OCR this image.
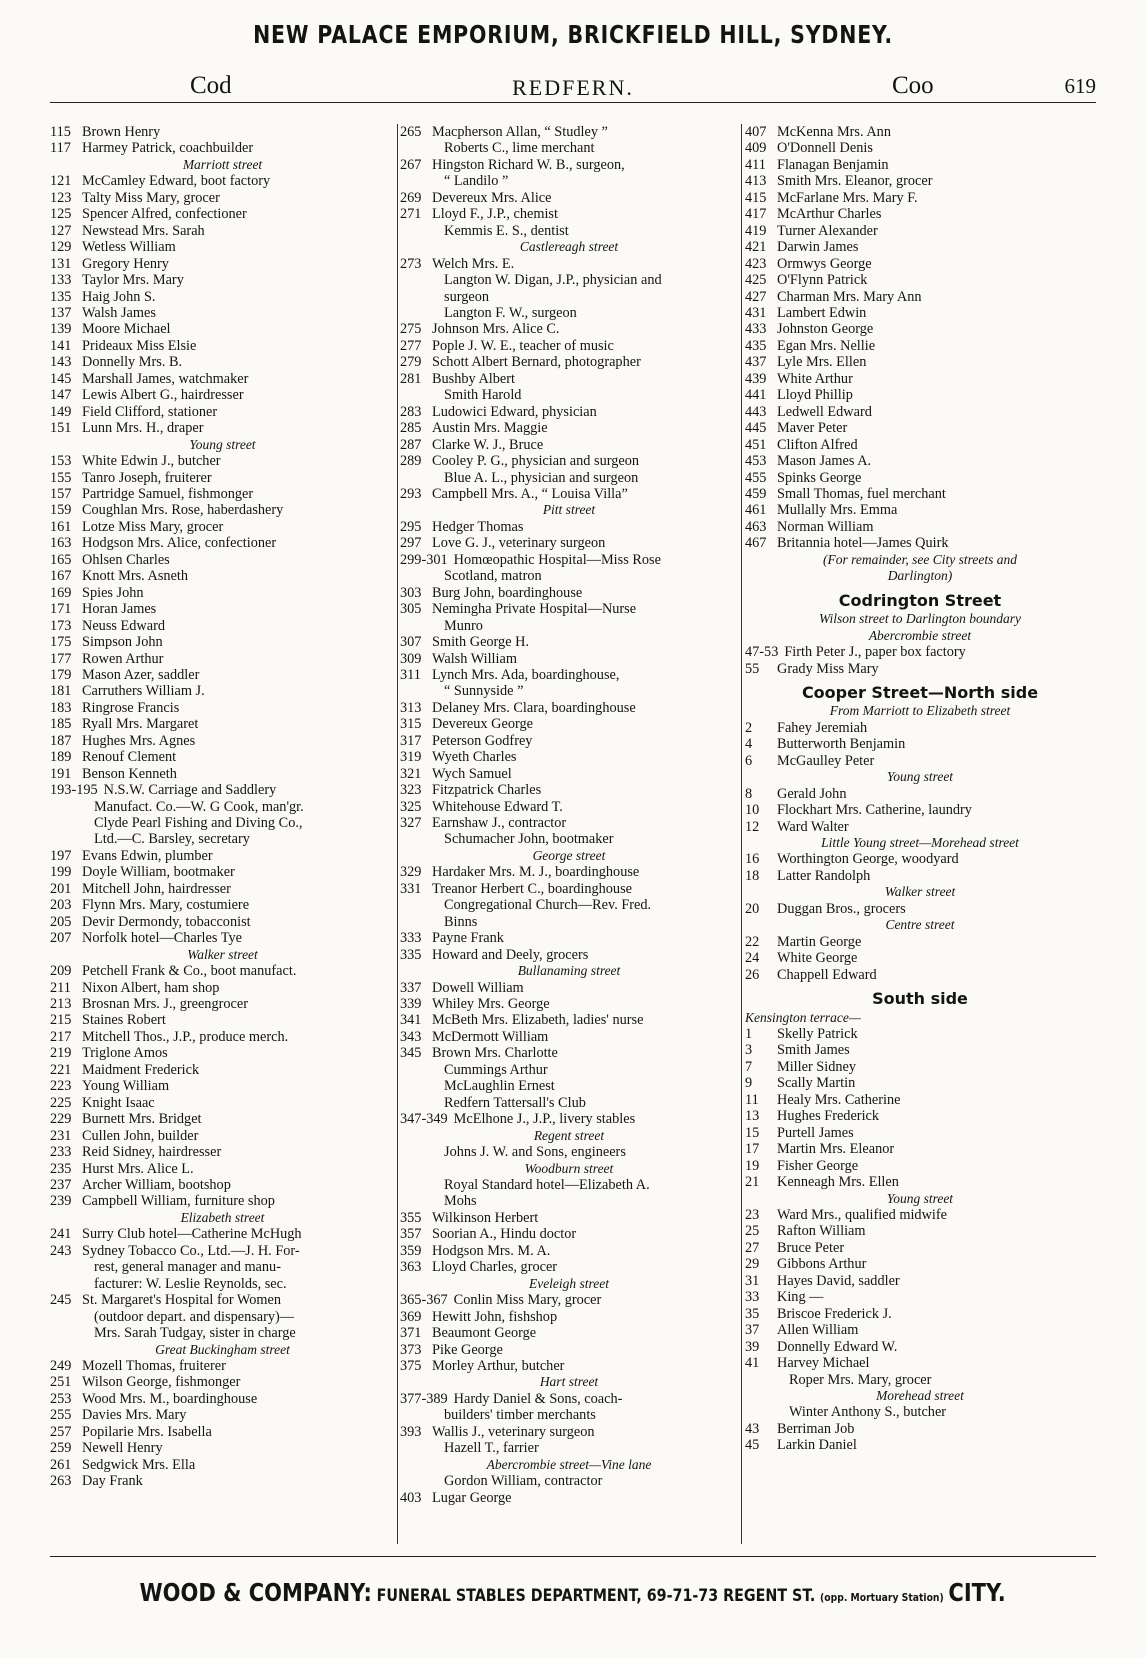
NEW PALACE EMPORIUM, BRICKFIELD HILL, SYDNEY.
Cod	REDFERN.	Coo	619
115 Brown Henry
117 Harmey Patrick, coachbuilder
Marriott street
121 McCamley Edward, boot factory
123 Talty Miss Mary, grocer
125 Spencer Alfred, confectioner
127 Newstead Mrs. Sarah
129 Wetless William
131 Gregory Henry
133 Taylor Mrs. Mary
135 Haig John S.
137 Walsh James
139 Moore Michael
141 Prideaux Miss Elsie
143 Donnelly Mrs. B.
145 Marshall James, watchmaker
147 Lewis Albert G., hairdresser
149 Field Clifford, stationer
151 Lunn Mrs. H., draper
Young street
153 White Edwin J., butcher
155 Tanro Joseph, fruiterer
157 Partridge Samuel, fishmonger
159 Coughlan Mrs. Rose, haberdashery
161 Lotze Miss Mary, grocer
163 Hodgson Mrs. Alice, confectioner
165 Ohlsen Charles
167 Knott Mrs. Asneth
169 Spies John
171 Horan James
173 Neuss Edward
175 Simpson John
177 Rowen Arthur
179 Mason Azer, saddler
181 Carruthers William J.
183 Ringrose Francis
185 Ryall Mrs. Margaret
187 Hughes Mrs. Agnes
189 Renouf Clement
191 Benson Kenneth
193-195 N.S.W. Carriage and Saddlery
Manufact. Co.—W. G Cook, man'gr.
Clyde Pearl Fishing and Diving Co.,
Ltd.—C. Barsley, secretary
197 Evans Edwin, plumber
199 Doyle William, bootmaker
201 Mitchell John, hairdresser
203 Flynn Mrs. Mary, costumiere
205 Devir Dermondy, tobacconist
207 Norfolk hotel—Charles Tye
Walker street
209 Petchell Frank & Co., boot manufact.
211 Nixon Albert, ham shop
213 Brosnan Mrs. J., greengrocer
215 Staines Robert
217 Mitchell Thos., J.P., produce merch.
219 Triglone Amos
221 Maidment Frederick
223 Young William
225 Knight Isaac
229 Burnett Mrs. Bridget
231 Cullen John, builder
233 Reid Sidney, hairdresser
235 Hurst Mrs. Alice L.
237 Archer William, bootshop
239 Campbell William, furniture shop
Elizabeth street
241 Surry Club hotel—Catherine McHugh
243 Sydney Tobacco Co., Ltd.—J. H. For-
rest, general manager and manu-
facturer: W. Leslie Reynolds, sec.
245 St. Margaret's Hospital for Women
(outdoor depart. and dispensary)—
Mrs. Sarah Tudgay, sister in charge
Great Buckingham street
249 Mozell Thomas, fruiterer
251 Wilson George, fishmonger
253 Wood Mrs. M., boardinghouse
255 Davies Mrs. Mary
257 Popilarie Mrs. Isabella
259 Newell Henry
261 Sedgwick Mrs. Ella
263 Day Frank
265 Macpherson Allan, “ Studley ”
Roberts C., lime merchant
267 Hingston Richard W. B., surgeon,
“ Landilo ”
269 Devereux Mrs. Alice
271 Lloyd F., J.P., chemist
Kemmis E. S., dentist
Castlereagh street
273 Welch Mrs. E.
Langton W. Digan, J.P., physician and
surgeon
Langton F. W., surgeon
275 Johnson Mrs. Alice C.
277 Pople J. W. E., teacher of music
279 Schott Albert Bernard, photographer
281 Bushby Albert
Smith Harold
283 Ludowici Edward, physician
285 Austin Mrs. Maggie
287 Clarke W. J., Bruce
289 Cooley P. G., physician and surgeon
Blue A. L., physician and surgeon
293 Campbell Mrs. A., “ Louisa Villa”
Pitt street
295 Hedger Thomas
297 Love G. J., veterinary surgeon
299-301 Homœopathic Hospital—Miss Rose
Scotland, matron
303 Burg John, boardinghouse
305 Nemingha Private Hospital—Nurse
Munro
307 Smith George H.
309 Walsh William
311 Lynch Mrs. Ada, boardinghouse,
“ Sunnyside ”
313 Delaney Mrs. Clara, boardinghouse
315 Devereux George
317 Peterson Godfrey
319 Wyeth Charles
321 Wych Samuel
323 Fitzpatrick Charles
325 Whitehouse Edward T.
327 Earnshaw J., contractor
Schumacher John, bootmaker
George street
329 Hardaker Mrs. M. J., boardinghouse
331 Treanor Herbert C., boardinghouse
Congregational Church—Rev. Fred.
Binns
333 Payne Frank
335 Howard and Deely, grocers
Bullanaming street
337 Dowell William
339 Whiley Mrs. George
341 McBeth Mrs. Elizabeth, ladies' nurse
343 McDermott William
345 Brown Mrs. Charlotte
Cummings Arthur
McLaughlin Ernest
Redfern Tattersall's Club
347-349 McElhone J., J.P., livery stables
Regent street
Johns J. W. and Sons, engineers
Woodburn street
Royal Standard hotel—Elizabeth A.
Mohs
355 Wilkinson Herbert
357 Soorian A., Hindu doctor
359 Hodgson Mrs. M. A.
363 Lloyd Charles, grocer
Eveleigh street
365-367 Conlin Miss Mary, grocer
369 Hewitt John, fishshop
371 Beaumont George
373 Pike George
375 Morley Arthur, butcher
Hart street
377-389 Hardy Daniel & Sons, coach-
builders' timber merchants
393 Wallis J., veterinary surgeon
Hazell T., farrier
Abercrombie street—Vine lane
Gordon William, contractor
403 Lugar George
407 McKenna Mrs. Ann
409 O'Donnell Denis
411 Flanagan Benjamin
413 Smith Mrs. Eleanor, grocer
415 McFarlane Mrs. Mary F.
417 McArthur Charles
419 Turner Alexander
421 Darwin James
423 Ormwys George
425 O'Flynn Patrick
427 Charman Mrs. Mary Ann
431 Lambert Edwin
433 Johnston George
435 Egan Mrs. Nellie
437 Lyle Mrs. Ellen
439 White Arthur
441 Lloyd Phillip
443 Ledwell Edward
445 Maver Peter
451 Clifton Alfred
453 Mason James A.
455 Spinks George
459 Small Thomas, fuel merchant
461 Mullally Mrs. Emma
463 Norman William
467 Britannia hotel—James Quirk
(For remainder, see City streets and
Darlington)
Codrington Street
Wilson street to Darlington boundary
Abercrombie street
47-53 Firth Peter J., paper box factory
55	Grady Miss Mary
Cooper Street—North side
From Marriott to Elizabeth street
2	Fahey Jeremiah
4	Butterworth Benjamin
6	McGaulley Peter
Young street
8	Gerald John
10	Flockhart Mrs. Catherine, laundry
12	Ward Walter
Little Young street—Morehead street
16	Worthington George, woodyard
18	Latter Randolph
Walker street
20	Duggan Bros., grocers
Centre street
22	Martin George
24	White George
26	Chappell Edward
South side
Kensington terrace—
1	Skelly Patrick
3	Smith James
7	Miller Sidney
9	Scally Martin
11	Healy Mrs. Catherine
13	Hughes Frederick
15	Purtell James
17	Martin Mrs. Eleanor
19	Fisher George
21	Kenneagh Mrs. Ellen
Young street
23	Ward Mrs., qualified midwife
25	Rafton William
27	Bruce Peter
29	Gibbons Arthur
31	Hayes David, saddler
33	King —
35	Briscoe Frederick J.
37	Allen William
39	Donnelly Edward W.
41	Harvey Michael
Roper Mrs. Mary, grocer
Morehead street
Winter Anthony S., butcher
43	Berriman Job
45	Larkin Daniel
WOOD & COMPANY: FUNERAL STABLES DEPARTMENT, 69-71-73 REGENT ST. (opp. Mortuary Station) CITY.
